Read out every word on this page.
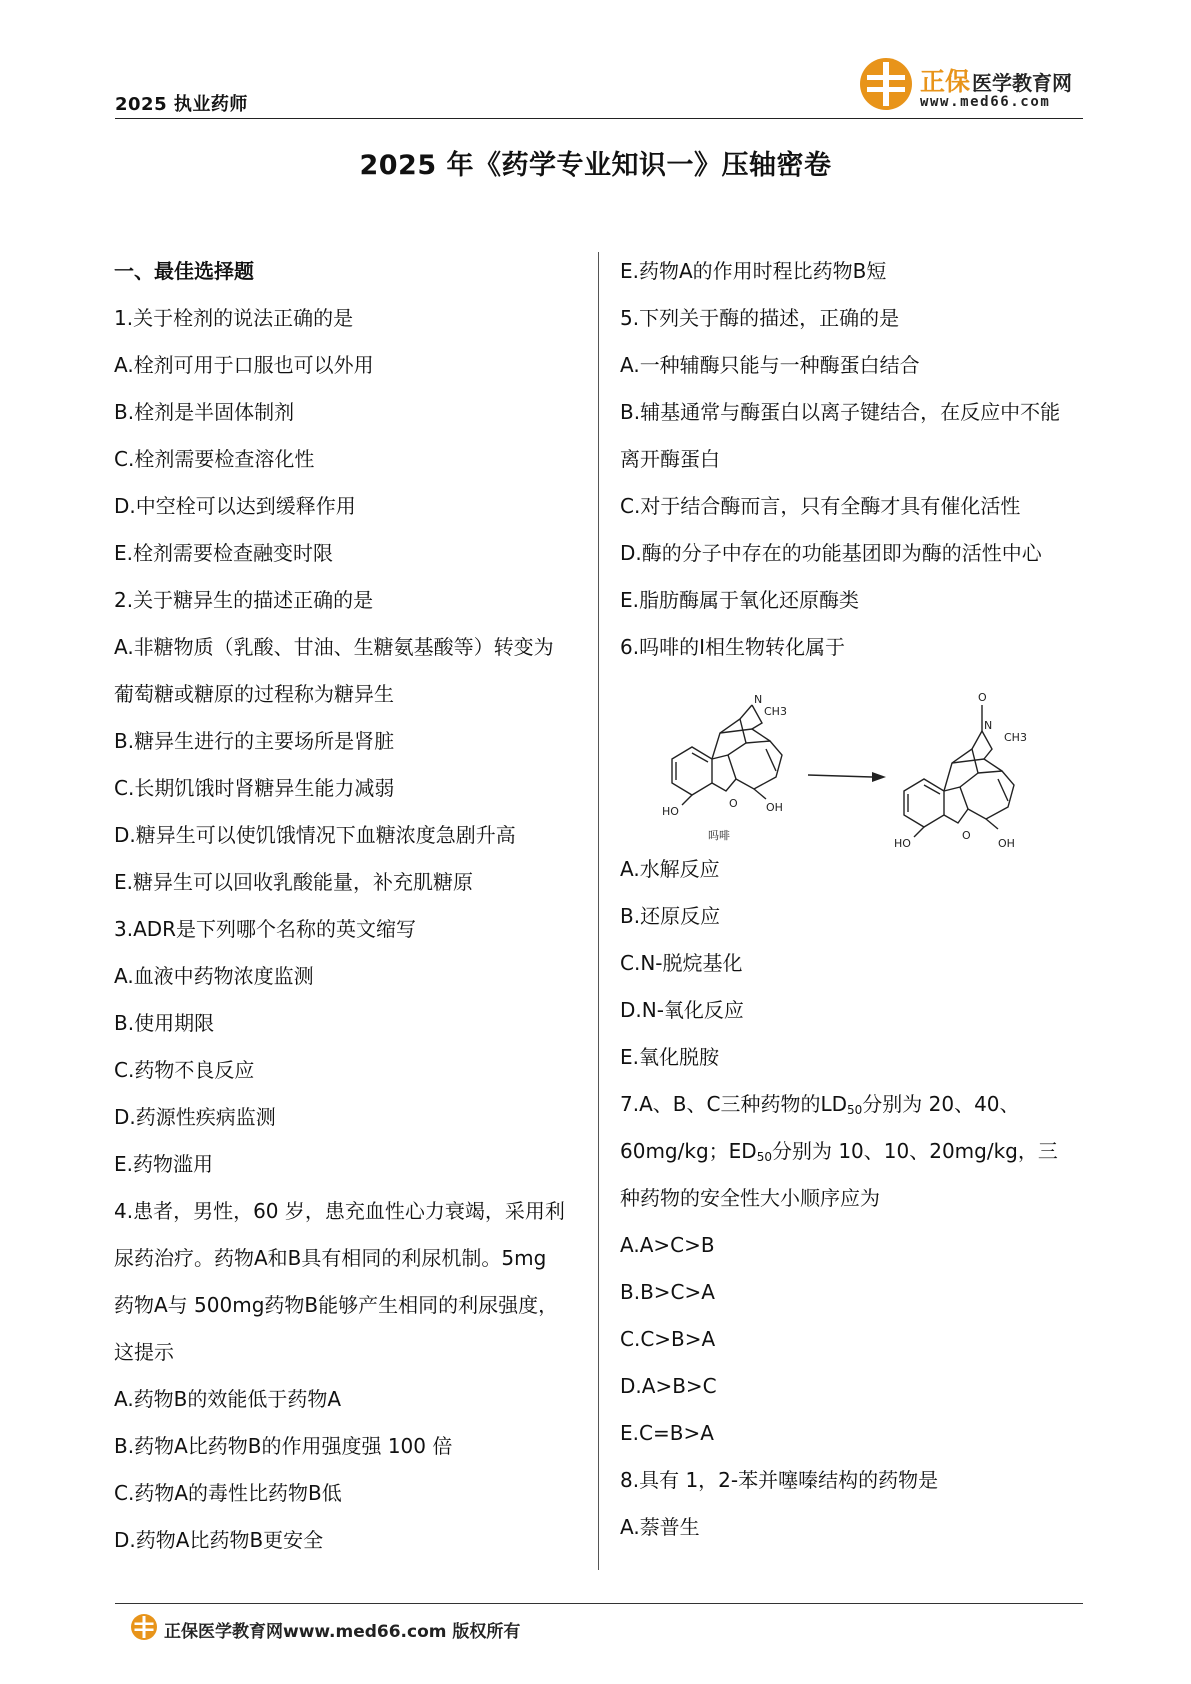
2025 执业药师
正保 医学教育网
www.med66.com
2025 年《药学专业知识一》压轴密卷
一、最佳选择题
1.关于栓剂的说法正确的是
A.栓剂可用于口服也可以外用
B.栓剂是半固体制剂
C.栓剂需要检查溶化性
D.中空栓可以达到缓释作用
E.栓剂需要检查融变时限
2.关于糖异生的描述正确的是
A.非糖物质（乳酸、甘油、生糖氨基酸等）转变为
葡萄糖或糖原的过程称为糖异生
B.糖异生进行的主要场所是肾脏
C.长期饥饿时肾糖异生能力减弱
D.糖异生可以使饥饿情况下血糖浓度急剧升高
E.糖异生可以回收乳酸能量，补充肌糖原
3.ADR是下列哪个名称的英文缩写
A.血液中药物浓度监测
B.使用期限
C.药物不良反应
D.药源性疾病监测
E.药物滥用
4.患者，男性，60 岁，患充血性心力衰竭，采用利
尿药治疗。药物A和B具有相同的利尿机制。5mg
药物A与 500mg药物B能够产生相同的利尿强度，
这提示
A.药物B的效能低于药物A
B.药物A比药物B的作用强度强 100 倍
C.药物A的毒性比药物B低
D.药物A比药物B更安全
E.药物A的作用时程比药物B短
5.下列关于酶的描述，正确的是
A.一种辅酶只能与一种酶蛋白结合
B.辅基通常与酶蛋白以离子键结合，在反应中不能
离开酶蛋白
C.对于结合酶而言，只有全酶才具有催化活性
D.酶的分子中存在的功能基团即为酶的活性中心
E.脂肪酶属于氧化还原酶类
6.吗啡的Ⅰ相生物转化属于
N
CH3
HO	OH
O
吗啡
O
N
CH3
HO	OH
O
A.水解反应
B.还原反应
C.N-脱烷基化
D.N-氧化反应
E.氧化脱胺
7.A、B、C三种药物的LD50分别为 20、40、
60mg/kg；ED50分别为 10、10、20mg/kg，三
种药物的安全性大小顺序应为
A.A>C>B
B.B>C>A
C.C>B>A
D.A>B>C
E.C=B>A
8.具有 1，2-苯并噻嗪结构的药物是
A.萘普生
正保医学教育网www.med66.com 版权所有
